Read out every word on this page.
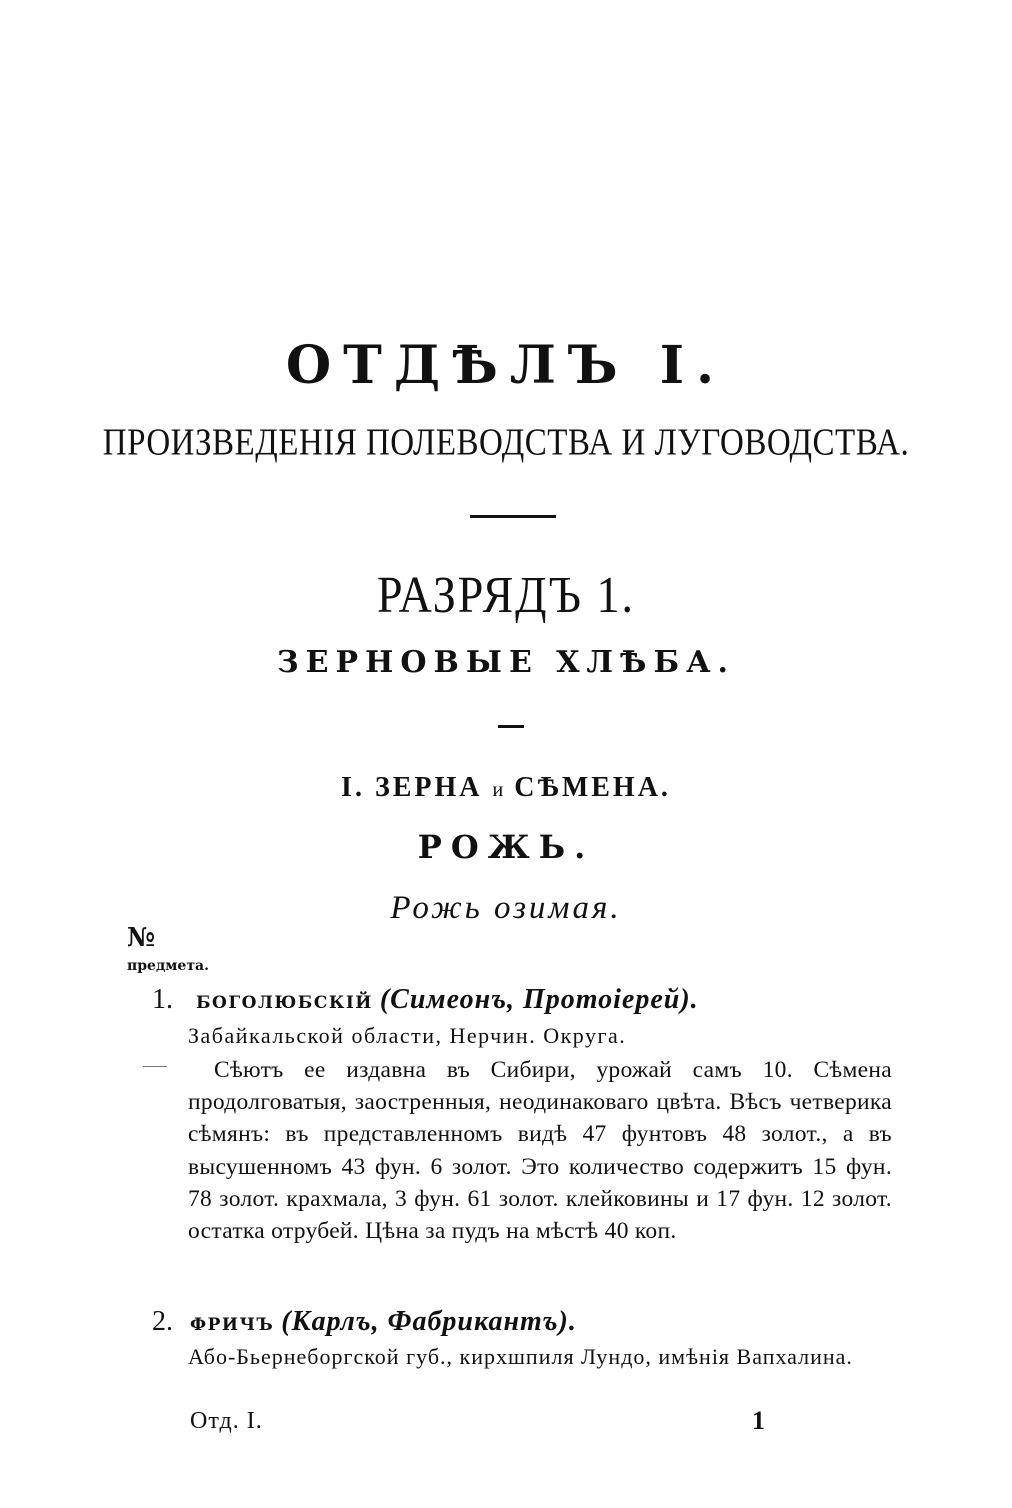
ОТДѢЛЪ I.
ПРОИЗВЕДЕНІЯ ПОЛЕВОДСТВА И ЛУГОВОДСТВА.
РАЗРЯДЪ 1.
ЗЕРНОВЫЕ ХЛѢБА.
I. ЗЕРНА и СѢМЕНА.
РОЖЬ.
Рожь озимая.
№
предмета.
1. БОГОЛЮБСКІЙ (Симеонъ, Протоіерей).
Забайкальской области, Нерчин. Округа.
Сѣютъ ее издавна въ Сибири, урожай самъ 10. Сѣмена продолговатыя, заостренныя, неодинаковаго цвѣта. Вѣсъ четверика сѣмянъ: въ представленномъ видѣ 47 фунтовъ 48 золот., а въ высушенномъ 43 фун. 6 золот. Это количество содержитъ 15 фун. 78 золот. крахмала, 3 фун. 61 золот. клейковины и 17 фун. 12 золот. остатка отрубей. Цѣна за пудъ на мѣстѣ 40 коп.
2. ФРИЧЪ (Карлъ, Фабрикантъ).
Або-Бьернеборгской губ., кирхшпиля Лундо, имѣнія Вапхалина.
Отд. I.	1
